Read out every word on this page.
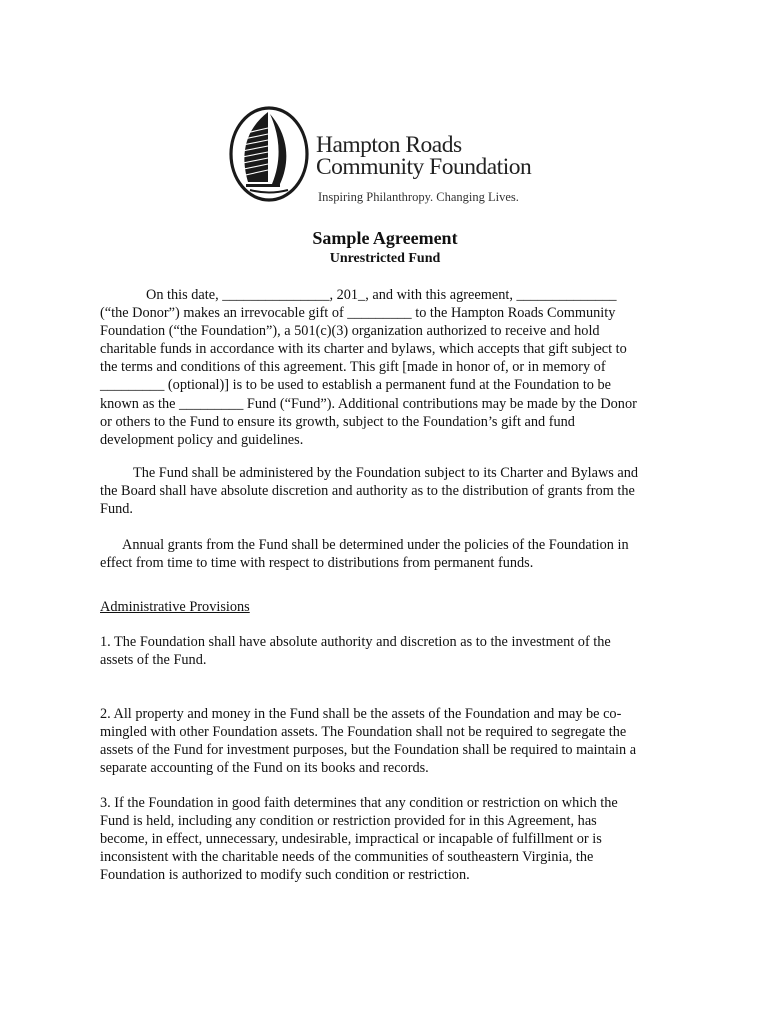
Hampton Roads
Community Foundation
Inspiring Philanthropy. Changing Lives.
Sample Agreement
Unrestricted Fund

On this date, _______________, 201_, and with this agreement, ______________ (“the Donor”) makes an irrevocable gift of _________ to the Hampton Roads Community Foundation (“the Foundation”), a 501(c)(3) organization authorized to receive and hold charitable funds in accordance with its charter and bylaws, which accepts that gift subject to the terms and conditions of this agreement. This gift [made in honor of, or in memory of _________ (optional)] is to be used to establish a permanent fund at the Foundation to be known as the _________ Fund (“Fund”). Additional contributions may be made by the Donor or others to the Fund to ensure its growth, subject to the Foundation’s gift and fund development policy and guidelines.

The Fund shall be administered by the Foundation subject to its Charter and Bylaws and the Board shall have absolute discretion and authority as to the distribution of grants from the Fund.

Annual grants from the Fund shall be determined under the policies of the Foundation in effect from time to time with respect to distributions from permanent funds.

Administrative Provisions

1. The Foundation shall have absolute authority and discretion as to the investment of the assets of the Fund.

2. All property and money in the Fund shall be the assets of the Foundation and may be co-mingled with other Foundation assets. The Foundation shall not be required to segregate the assets of the Fund for investment purposes, but the Foundation shall be required to maintain a separate accounting of the Fund on its books and records.

3. If the Foundation in good faith determines that any condition or restriction on which the Fund is held, including any condition or restriction provided for in this Agreement, has become, in effect, unnecessary, undesirable, impractical or incapable of fulfillment or is inconsistent with the charitable needs of the communities of southeastern Virginia, the Foundation is authorized to modify such condition or restriction.
